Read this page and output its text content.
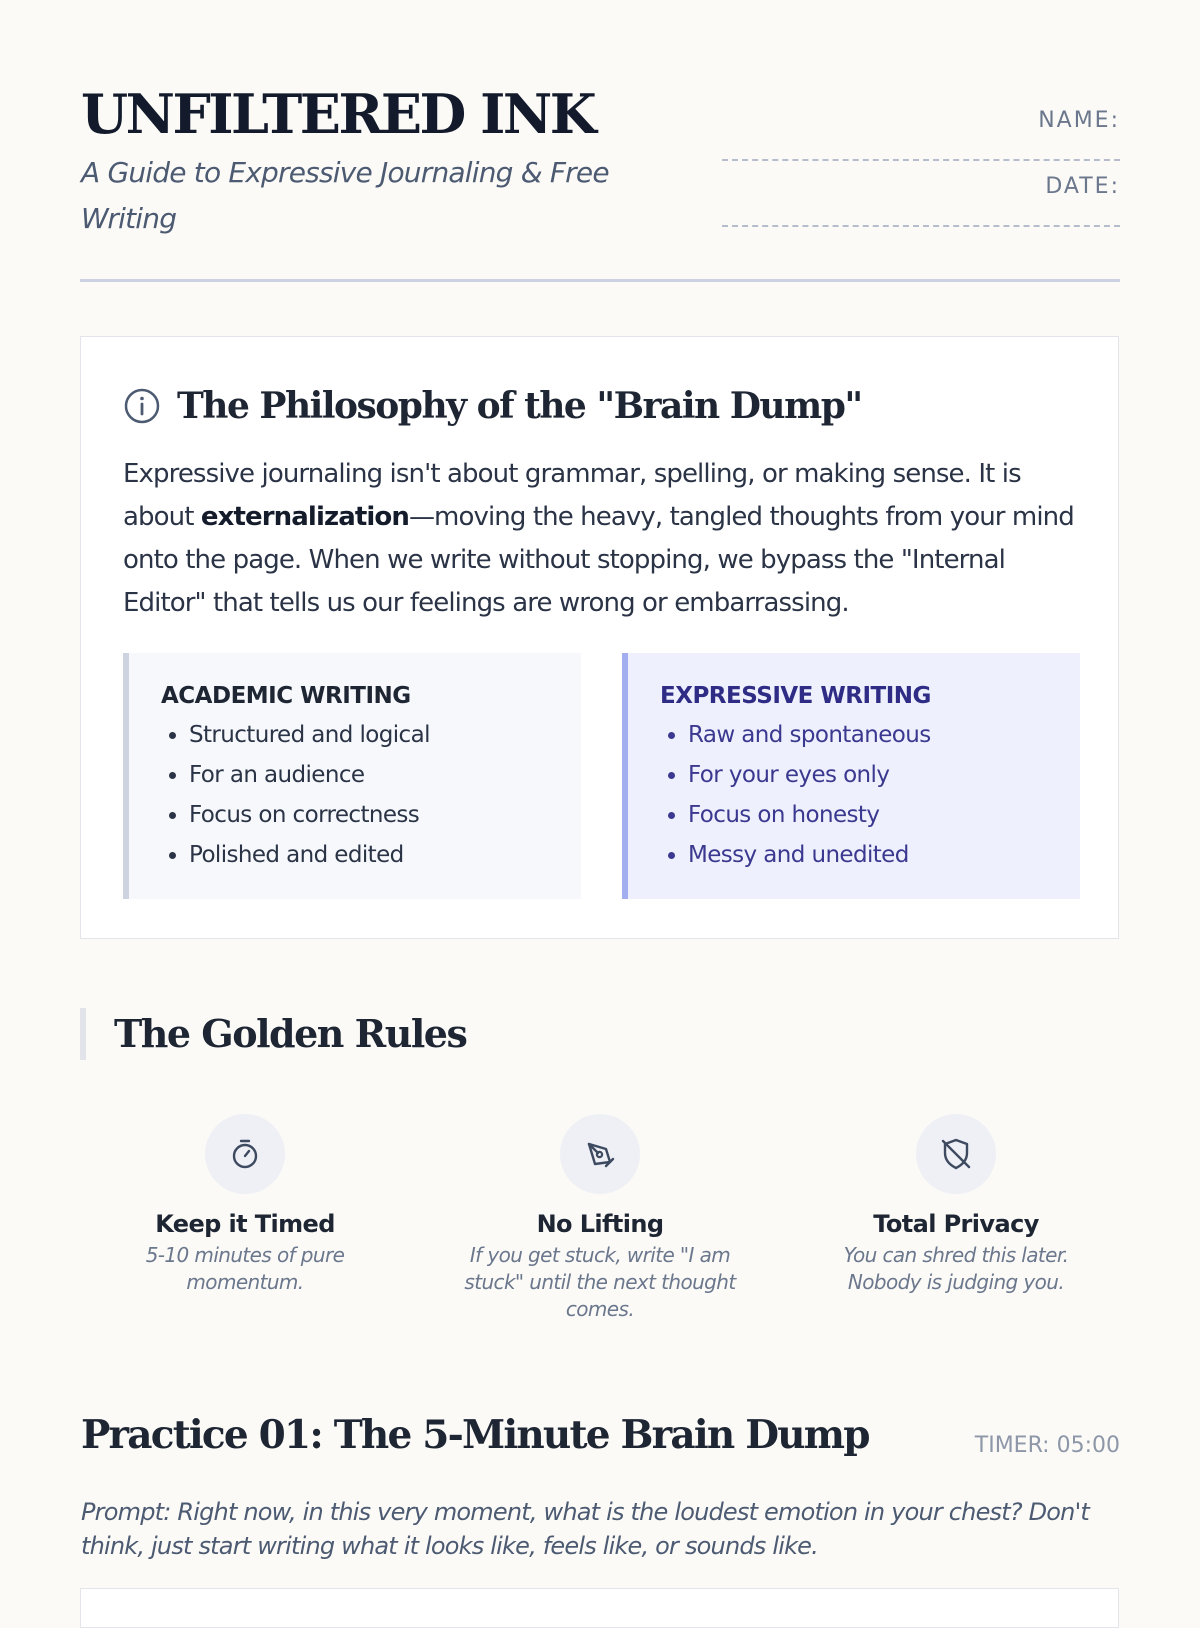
UNFILTERED INK

A Guide to Expressive Journaling & Free Writing

NAME:
DATE:
The Philosophy of the "Brain Dump"

Expressive journaling isn't about grammar, spelling, or making sense. It is about externalization—moving the heavy, tangled thoughts from your mind onto the page. When we write without stopping, we bypass the "Internal Editor" that tells us our feelings are wrong or embarrassing.

ACADEMIC WRITING
• Structured and logical
• For an audience
• Focus on correctness
• Polished and edited
EXPRESSIVE WRITING
• Raw and spontaneous
• For your eyes only
• Focus on honesty
• Messy and unedited
The Golden Rules
Keep it Timed

5-10 minutes of pure momentum.

No Lifting

If you get stuck, write "I am stuck" until the next thought comes.

Total Privacy

You can shred this later. Nobody is judging you.

Practice 01: The 5-Minute Brain Dump	TIMER: 05:00

Prompt: Right now, in this very moment, what is the loudest emotion in your chest? Don't think, just start writing what it looks like, feels like, or sounds like.
